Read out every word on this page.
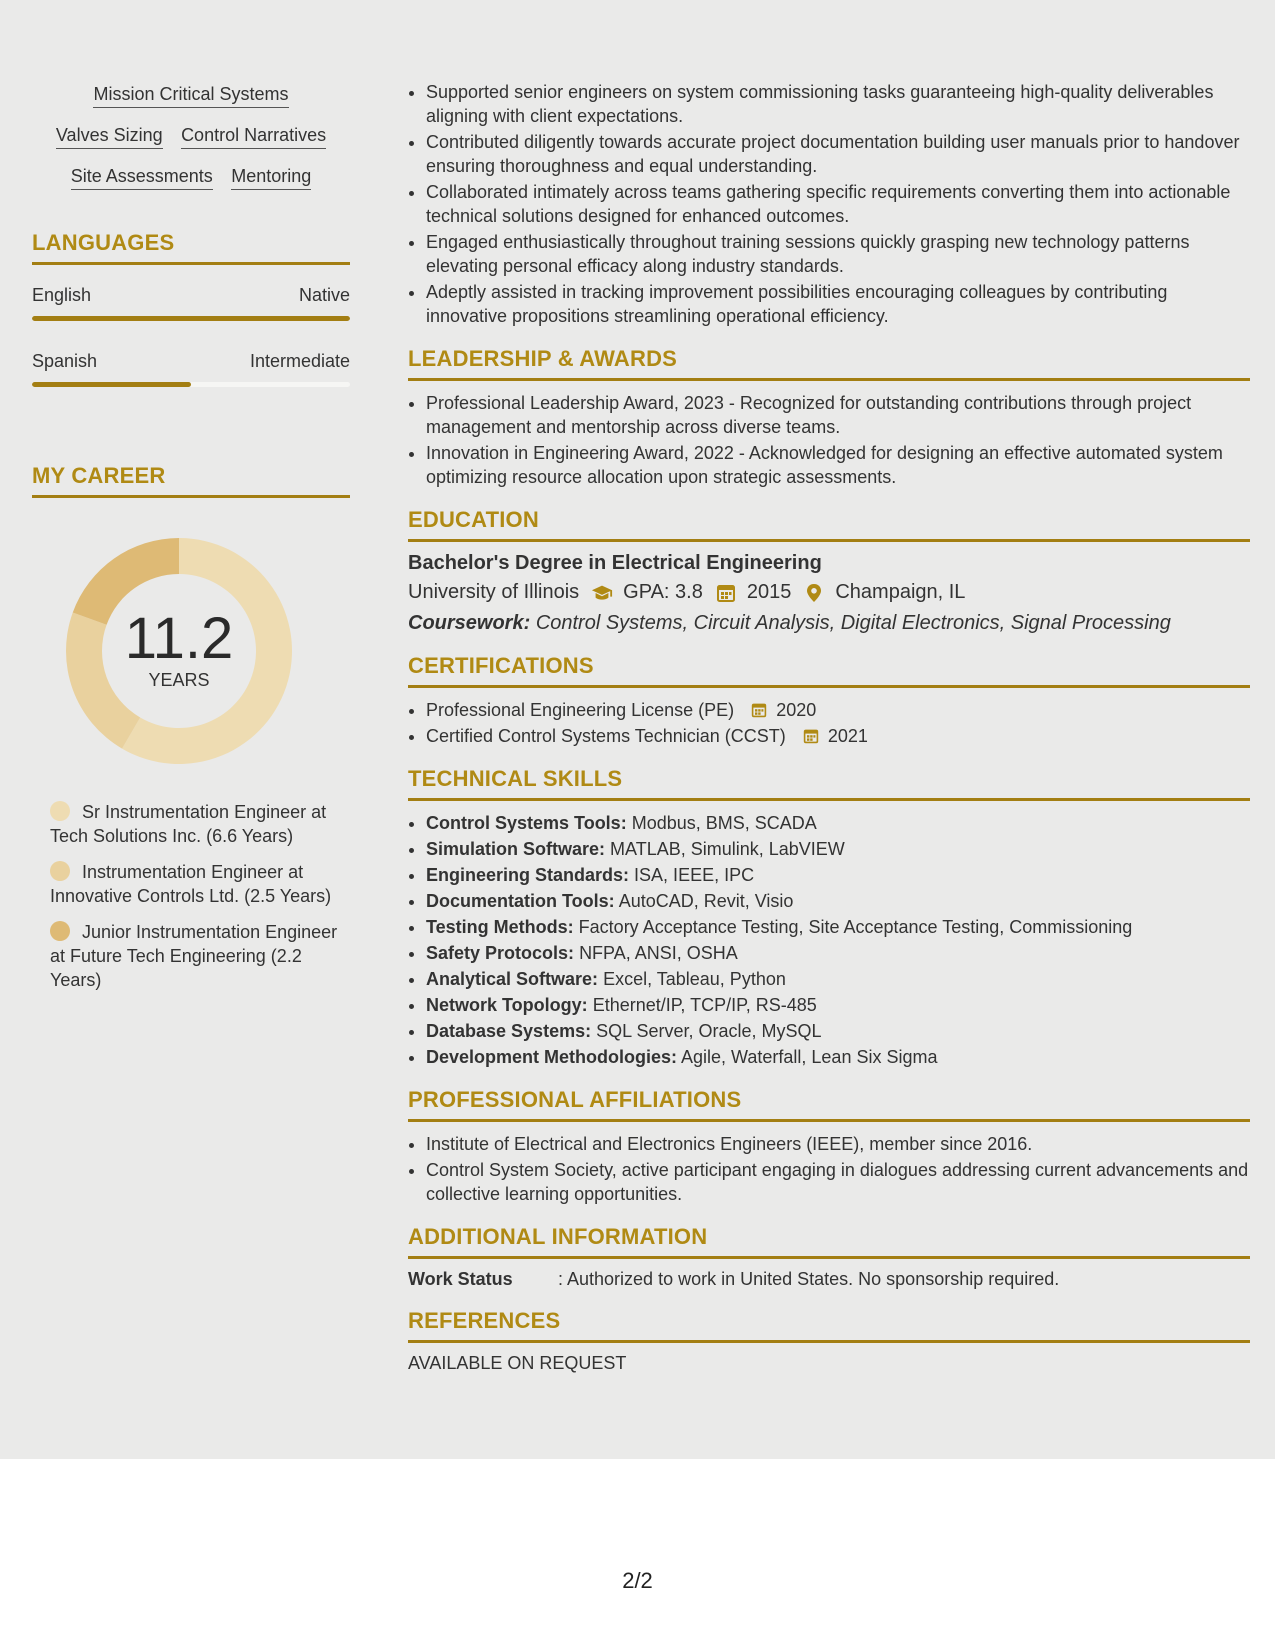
Mission Critical Systems
Valves Sizing Control Narratives
Site Assessments Mentoring
LANGUAGES
English	Native
Spanish	Intermediate
MY CAREER
11.2
YEARS
Sr Instrumentation Engineer at Tech Solutions Inc. (6.6 Years)
Instrumentation Engineer at Innovative Controls Ltd. (2.5 Years)
Junior Instrumentation Engineer at Future Tech Engineering (2.2 Years)
• Supported senior engineers on system commissioning tasks guaranteeing high-quality deliverables aligning with client expectations.
• Contributed diligently towards accurate project documentation building user manuals prior to handover ensuring thoroughness and equal understanding.
• Collaborated intimately across teams gathering specific requirements converting them into actionable technical solutions designed for enhanced outcomes.
• Engaged enthusiastically throughout training sessions quickly grasping new technology patterns elevating personal efficacy along industry standards.
• Adeptly assisted in tracking improvement possibilities encouraging colleagues by contributing innovative propositions streamlining operational efficiency.
LEADERSHIP & AWARDS
• Professional Leadership Award, 2023 - Recognized for outstanding contributions through project management and mentorship across diverse teams.
• Innovation in Engineering Award, 2022 - Acknowledged for designing an effective automated system optimizing resource allocation upon strategic assessments.
EDUCATION
Bachelor's Degree in Electrical Engineering
University of Illinois GPA: 3.8 2015 Champaign, IL
Coursework: Control Systems, Circuit Analysis, Digital Electronics, Signal Processing
CERTIFICATIONS
• Professional Engineering License (PE) 2020
• Certified Control Systems Technician (CCST) 2021
TECHNICAL SKILLS
• Control Systems Tools: Modbus, BMS, SCADA
• Simulation Software: MATLAB, Simulink, LabVIEW
• Engineering Standards: ISA, IEEE, IPC
• Documentation Tools: AutoCAD, Revit, Visio
• Testing Methods: Factory Acceptance Testing, Site Acceptance Testing, Commissioning
• Safety Protocols: NFPA, ANSI, OSHA
• Analytical Software: Excel, Tableau, Python
• Network Topology: Ethernet/IP, TCP/IP, RS-485
• Database Systems: SQL Server, Oracle, MySQL
• Development Methodologies: Agile, Waterfall, Lean Six Sigma
PROFESSIONAL AFFILIATIONS
• Institute of Electrical and Electronics Engineers (IEEE), member since 2016.
• Control System Society, active participant engaging in dialogues addressing current advancements and collective learning opportunities.
ADDITIONAL INFORMATION
Work Status	: Authorized to work in United States. No sponsorship required.
REFERENCES
AVAILABLE ON REQUEST
2/2
